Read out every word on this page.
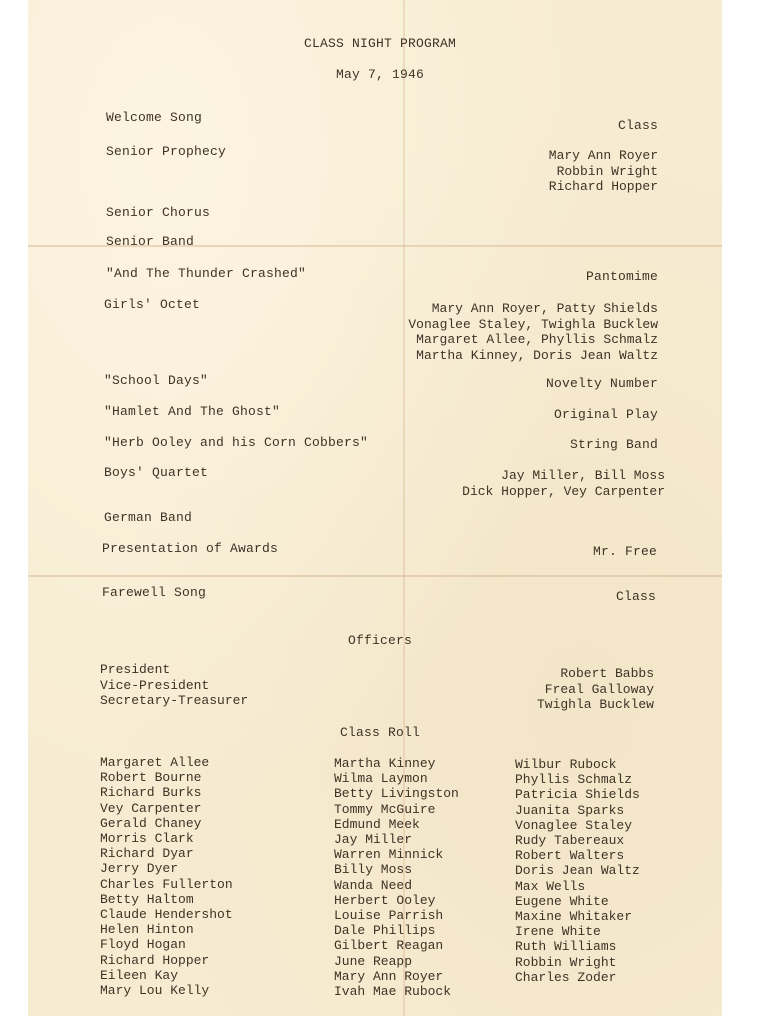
CLASS NIGHT PROGRAM
May 7, 1946
Welcome Song
Senior Prophecy
Senior Chorus
Senior Band
"And The Thunder Crashed"
Girls' Octet
"School Days"
"Hamlet And The Ghost"
"Herb Ooley and his Corn Cobbers"
Boys' Quartet
German Band
Presentation of Awards
Farewell Song
Class
Mary Ann Royer
Robbin Wright
Richard Hopper
Pantomime
Mary Ann Royer, Patty Shields
Vonaglee Staley, Twighla Bucklew
Margaret Allee, Phyllis Schmalz
Martha Kinney, Doris Jean Waltz
Novelty Number
Original Play
String Band
Jay Miller, Bill Moss
Dick Hopper, Vey Carpenter
Mr. Free
Class
Officers
President
Vice-President
Secretary-Treasurer
Robert Babbs
Freal Galloway
Twighla Bucklew
Class Roll
Margaret Allee
Robert Bourne
Richard Burks
Vey Carpenter
Gerald Chaney
Morris Clark
Richard Dyar
Jerry Dyer
Charles Fullerton
Betty Haltom
Claude Hendershot
Helen Hinton
Floyd Hogan
Richard Hopper
Eileen Kay
Mary Lou Kelly
Martha Kinney
Wilma Laymon
Betty Livingston
Tommy McGuire
Edmund Meek
Jay Miller
Warren Minnick
Billy Moss
Wanda Need
Herbert Ooley
Louise Parrish
Dale Phillips
Gilbert Reagan
June Reapp
Mary Ann Royer
Ivah Mae Rubock
Wilbur Rubock
Phyllis Schmalz
Patricia Shields
Juanita Sparks
Vonaglee Staley
Rudy Tabereaux
Robert Walters
Doris Jean Waltz
Max Wells
Eugene White
Maxine Whitaker
Irene White
Ruth Williams
Robbin Wright
Charles Zoder
